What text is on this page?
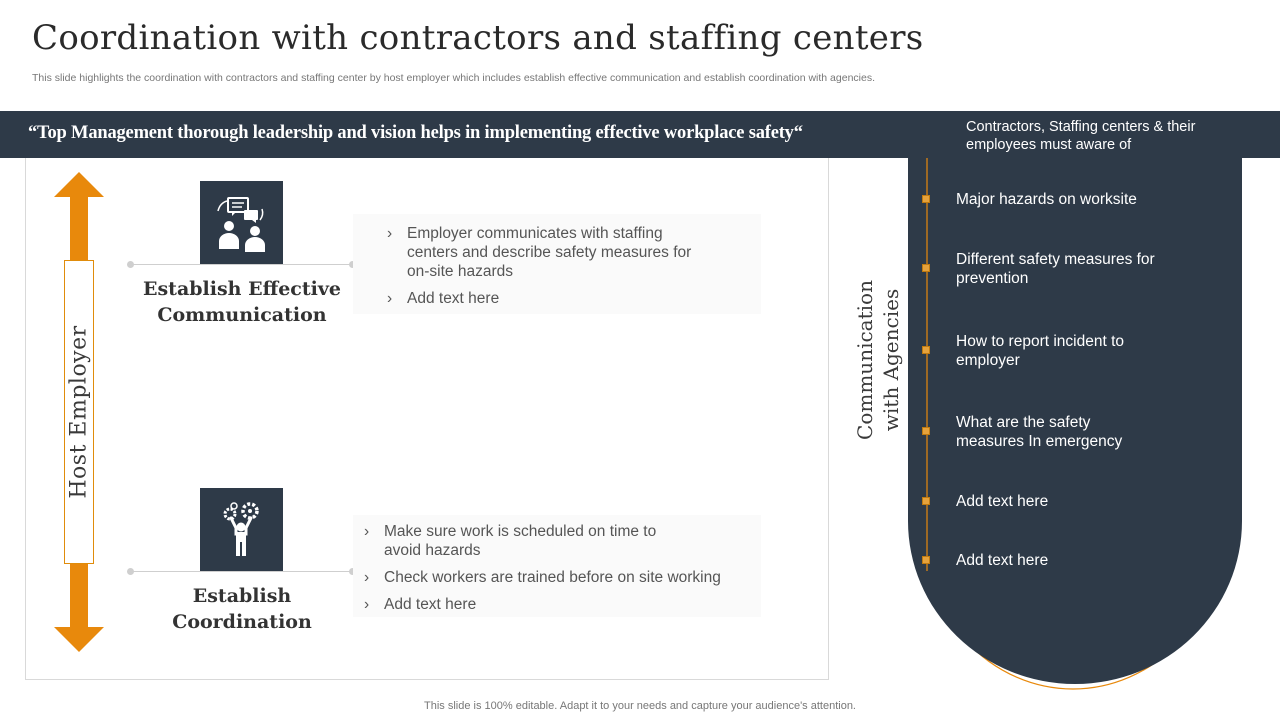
Coordination with contractors and staffing centers
This slide highlights the coordination with contractors and staffing center by host employer which includes establish effective communication and establish coordination with agencies.
“Top Management thorough leadership and vision helps in implementing effective workplace safety“
Host Employer
Establish Effective
Communication
› Employer communicates with staffing centers and describe safety measures for on-site hazards
› Add text here
Establish
Coordination
› Make sure work is scheduled on time to avoid hazards
› Check workers are trained before on site working
› Add text here
Communication with Agencies
Contractors, Staffing centers & their employees must aware of
Major hazards on worksite
Different safety measures for prevention
How to report incident to employer
What are the safety measures In emergency
Add text here
Add text here
This slide is 100% editable. Adapt it to your needs and capture your audience's attention.
